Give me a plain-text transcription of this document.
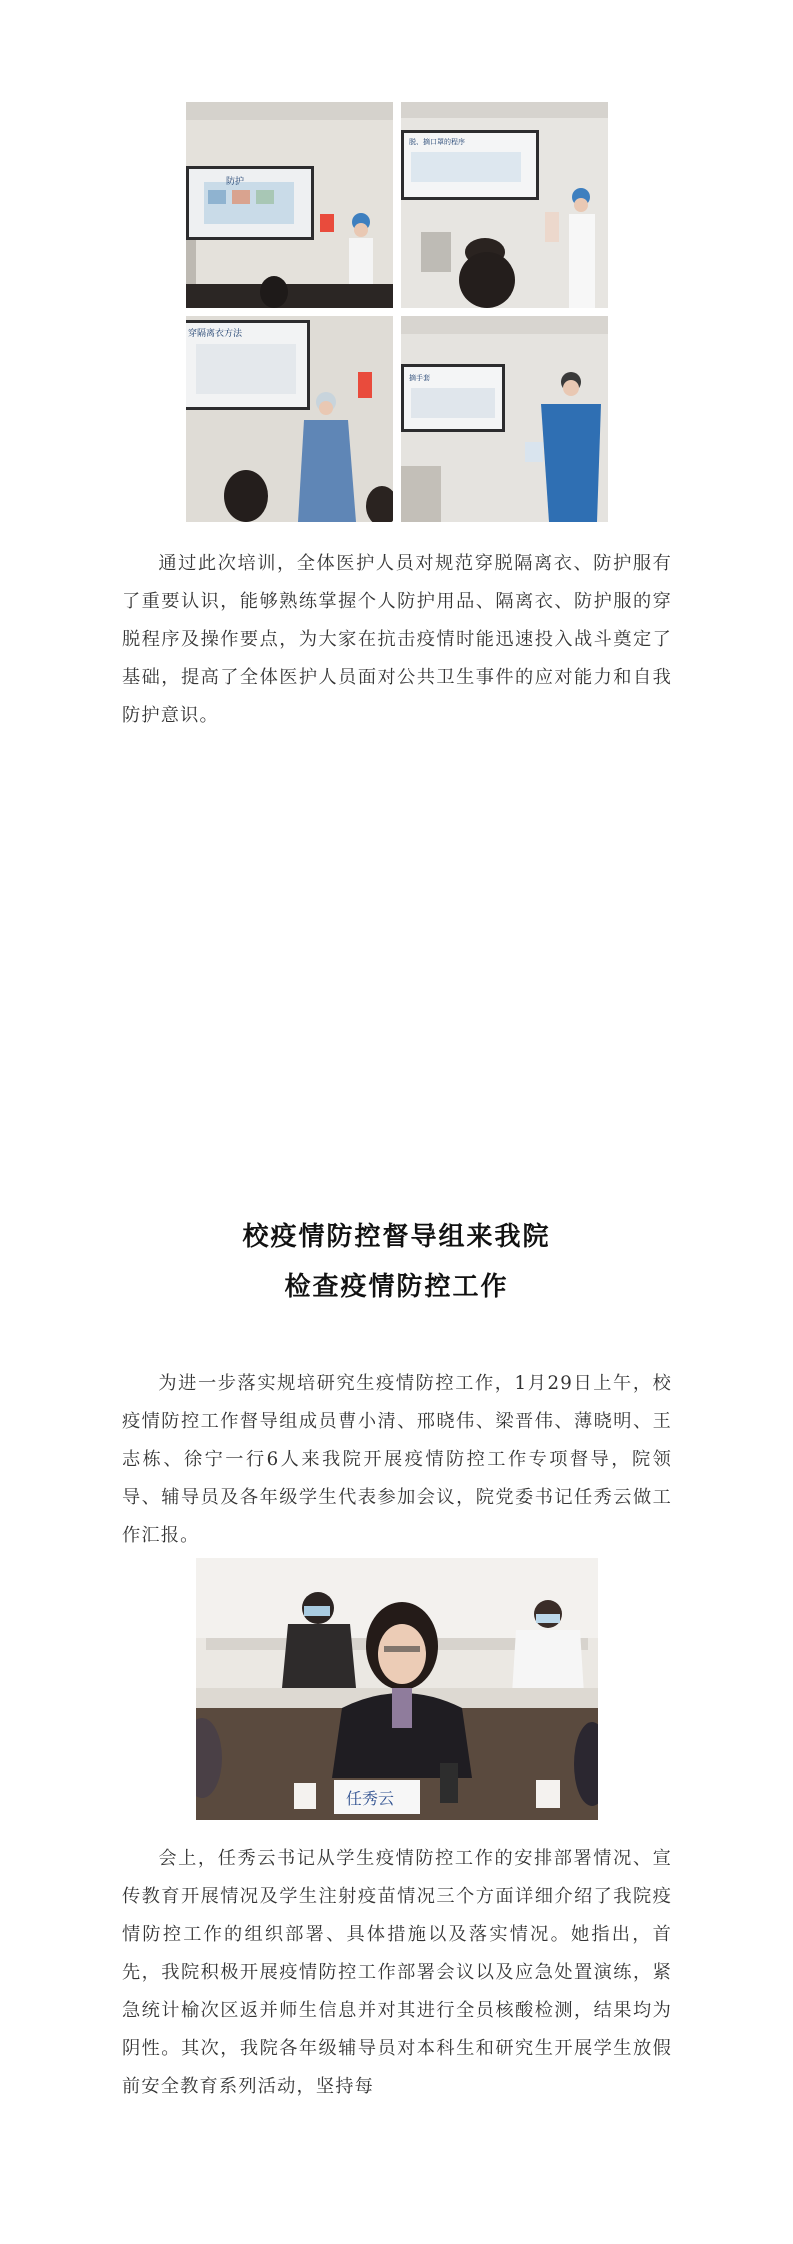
防护
脱、摘口罩的程序
穿隔离衣方法
摘手套

通过此次培训，全体医护人员对规范穿脱隔离衣、防护服有了重要认识，能够熟练掌握个人防护用品、隔离衣、防护服的穿脱程序及操作要点，为大家在抗击疫情时能迅速投入战斗奠定了基础，提高了全体医护人员面对公共卫生事件的应对能力和自我防护意识。

校疫情防控督导组来我院
检查疫情防控工作

为进一步落实规培研究生疫情防控工作，1月29日上午，校疫情防控工作督导组成员曹小清、邢晓伟、梁晋伟、薄晓明、王志栋、徐宁一行6人来我院开展疫情防控工作专项督导，院领导、辅导员及各年级学生代表参加会议，院党委书记任秀云做工作汇报。

任秀云

会上，任秀云书记从学生疫情防控工作的安排部署情况、宣传教育开展情况及学生注射疫苗情况三个方面详细介绍了我院疫情防控工作的组织部署、具体措施以及落实情况。她指出，首先，我院积极开展疫情防控工作部署会议以及应急处置演练，紧急统计榆次区返并师生信息并对其进行全员核酸检测，结果均为阴性。其次，我院各年级辅导员对本科生和研究生开展学生放假前安全教育系列活动，坚持每
